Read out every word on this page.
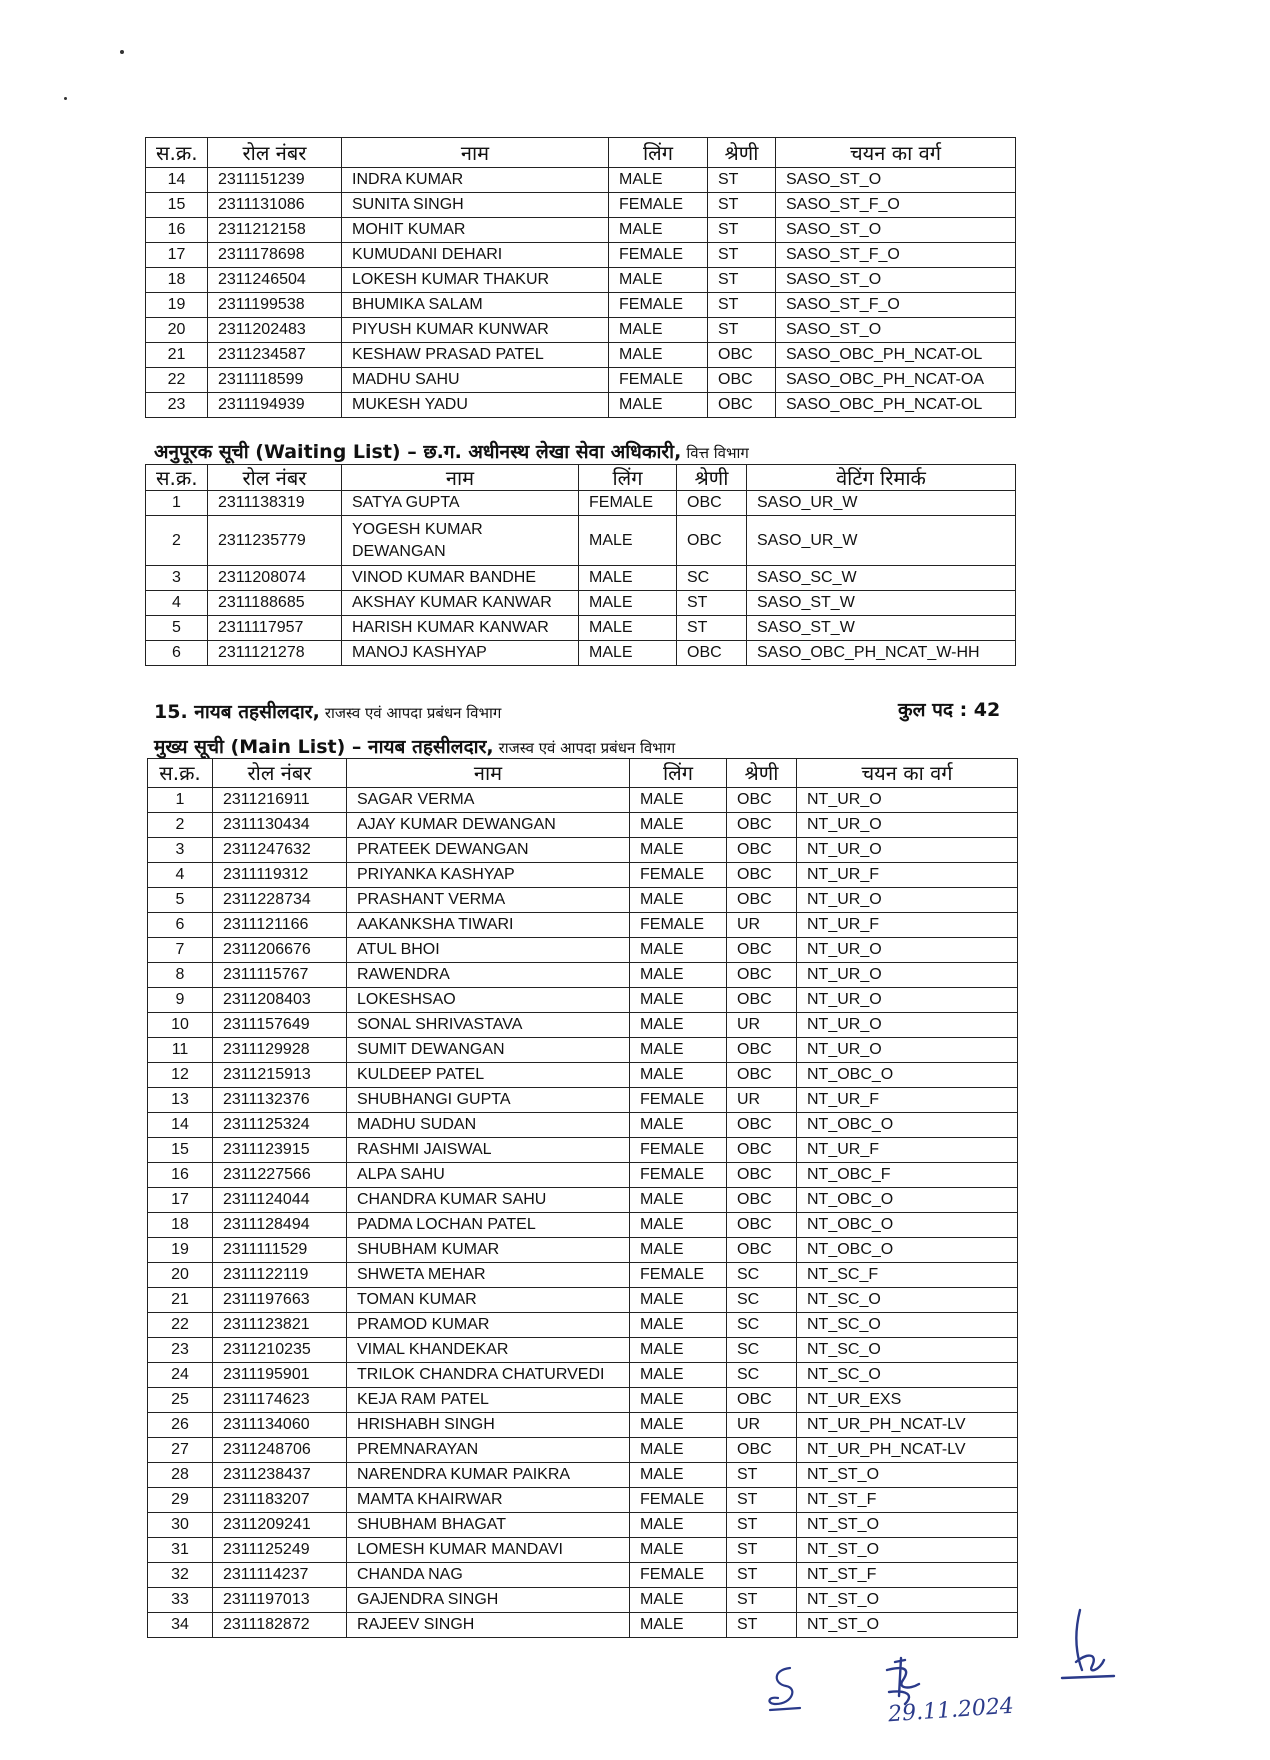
स.क्र.	रोल नंबर	नाम	लिंग	श्रेणी	चयन का वर्ग
14	2311151239	INDRA KUMAR	MALE	ST	SASO_ST_O
15	2311131086	SUNITA SINGH	FEMALE	ST	SASO_ST_F_O
16	2311212158	MOHIT KUMAR	MALE	ST	SASO_ST_O
17	2311178698	KUMUDANI DEHARI	FEMALE	ST	SASO_ST_F_O
18	2311246504	LOKESH KUMAR THAKUR	MALE	ST	SASO_ST_O
19	2311199538	BHUMIKA SALAM	FEMALE	ST	SASO_ST_F_O
20	2311202483	PIYUSH KUMAR KUNWAR	MALE	ST	SASO_ST_O
21	2311234587	KESHAW PRASAD PATEL	MALE	OBC	SASO_OBC_PH_NCAT-OL
22	2311118599	MADHU SAHU	FEMALE	OBC	SASO_OBC_PH_NCAT-OA
23	2311194939	MUKESH YADU	MALE	OBC	SASO_OBC_PH_NCAT-OL
अनुपूरक सूची (Waiting List) – छ.ग. अधीनस्थ लेखा सेवा अधिकारी, वित्त विभाग
स.क्र.	रोल नंबर	नाम	लिंग	श्रेणी	वेटिंग रिमार्क
1	2311138319	SATYA GUPTA	FEMALE	OBC	SASO_UR_W
2	2311235779	YOGESH KUMAR DEWANGAN	MALE	OBC	SASO_UR_W
3	2311208074	VINOD KUMAR BANDHE	MALE	SC	SASO_SC_W
4	2311188685	AKSHAY KUMAR KANWAR	MALE	ST	SASO_ST_W
5	2311117957	HARISH KUMAR KANWAR	MALE	ST	SASO_ST_W
6	2311121278	MANOJ KASHYAP	MALE	OBC	SASO_OBC_PH_NCAT_W-HH
15. नायब तहसीलदार, राजस्व एवं आपदा प्रबंधन विभाग	कुल पद : 42
मुख्य सूची (Main List) – नायब तहसीलदार, राजस्व एवं आपदा प्रबंधन विभाग
स.क्र.	रोल नंबर	नाम	लिंग	श्रेणी	चयन का वर्ग
1	2311216911	SAGAR VERMA	MALE	OBC	NT_UR_O
2	2311130434	AJAY KUMAR DEWANGAN	MALE	OBC	NT_UR_O
3	2311247632	PRATEEK DEWANGAN	MALE	OBC	NT_UR_O
4	2311119312	PRIYANKA KASHYAP	FEMALE	OBC	NT_UR_F
5	2311228734	PRASHANT VERMA	MALE	OBC	NT_UR_O
6	2311121166	AAKANKSHA TIWARI	FEMALE	UR	NT_UR_F
7	2311206676	ATUL BHOI	MALE	OBC	NT_UR_O
8	2311115767	RAWENDRA	MALE	OBC	NT_UR_O
9	2311208403	LOKESHSAO	MALE	OBC	NT_UR_O
10	2311157649	SONAL SHRIVASTAVA	MALE	UR	NT_UR_O
11	2311129928	SUMIT DEWANGAN	MALE	OBC	NT_UR_O
12	2311215913	KULDEEP PATEL	MALE	OBC	NT_OBC_O
13	2311132376	SHUBHANGI GUPTA	FEMALE	UR	NT_UR_F
14	2311125324	MADHU SUDAN	MALE	OBC	NT_OBC_O
15	2311123915	RASHMI JAISWAL	FEMALE	OBC	NT_UR_F
16	2311227566	ALPA SAHU	FEMALE	OBC	NT_OBC_F
17	2311124044	CHANDRA KUMAR SAHU	MALE	OBC	NT_OBC_O
18	2311128494	PADMA LOCHAN PATEL	MALE	OBC	NT_OBC_O
19	2311111529	SHUBHAM KUMAR	MALE	OBC	NT_OBC_O
20	2311122119	SHWETA MEHAR	FEMALE	SC	NT_SC_F
21	2311197663	TOMAN KUMAR	MALE	SC	NT_SC_O
22	2311123821	PRAMOD KUMAR	MALE	SC	NT_SC_O
23	2311210235	VIMAL KHANDEKAR	MALE	SC	NT_SC_O
24	2311195901	TRILOK CHANDRA CHATURVEDI	MALE	SC	NT_SC_O
25	2311174623	KEJA RAM PATEL	MALE	OBC	NT_UR_EXS
26	2311134060	HRISHABH SINGH	MALE	UR	NT_UR_PH_NCAT-LV
27	2311248706	PREMNARAYAN	MALE	OBC	NT_UR_PH_NCAT-LV
28	2311238437	NARENDRA KUMAR PAIKRA	MALE	ST	NT_ST_O
29	2311183207	MAMTA KHAIRWAR	FEMALE	ST	NT_ST_F
30	2311209241	SHUBHAM BHAGAT	MALE	ST	NT_ST_O
31	2311125249	LOMESH KUMAR MANDAVI	MALE	ST	NT_ST_O
32	2311114237	CHANDA NAG	FEMALE	ST	NT_ST_F
33	2311197013	GAJENDRA SINGH	MALE	ST	NT_ST_O
34	2311182872	RAJEEV SINGH	MALE	ST	NT_ST_O
29.11.2024
